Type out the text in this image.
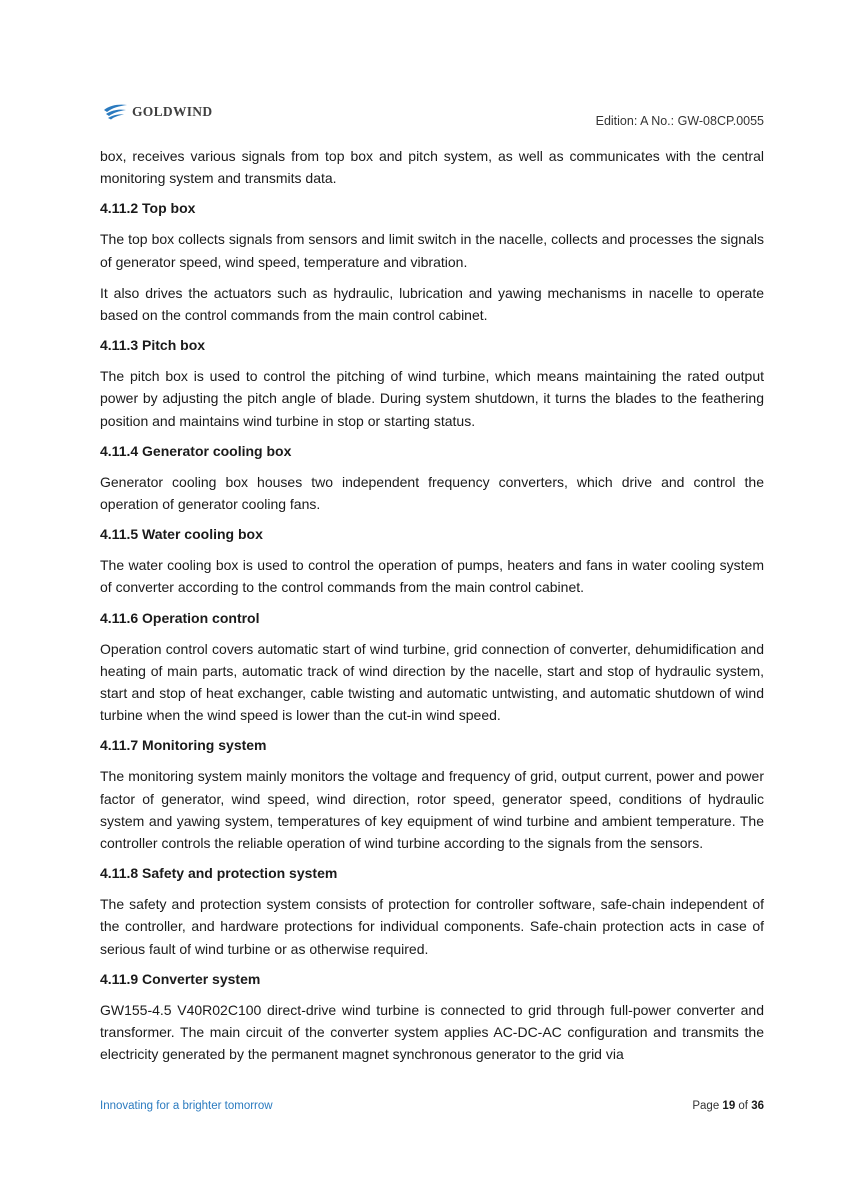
GOLDWIND
Edition: A No.: GW-08CP.0055

box, receives various signals from top box and pitch system, as well as communicates with the central monitoring system and transmits data.

4.11.2 Top box

The top box collects signals from sensors and limit switch in the nacelle, collects and processes the signals of generator speed, wind speed, temperature and vibration.

It also drives the actuators such as hydraulic, lubrication and yawing mechanisms in nacelle to operate based on the control commands from the main control cabinet.

4.11.3 Pitch box

The pitch box is used to control the pitching of wind turbine, which means maintaining the rated output power by adjusting the pitch angle of blade. During system shutdown, it turns the blades to the feathering position and maintains wind turbine in stop or starting status.

4.11.4 Generator cooling box

Generator cooling box houses two independent frequency converters, which drive and control the operation of generator cooling fans.

4.11.5 Water cooling box

The water cooling box is used to control the operation of pumps, heaters and fans in water cooling system of converter according to the control commands from the main control cabinet.

4.11.6 Operation control

Operation control covers automatic start of wind turbine, grid connection of converter, dehumidification and heating of main parts, automatic track of wind direction by the nacelle, start and stop of hydraulic system, start and stop of heat exchanger, cable twisting and automatic untwisting, and automatic shutdown of wind turbine when the wind speed is lower than the cut-in wind speed.

4.11.7 Monitoring system

The monitoring system mainly monitors the voltage and frequency of grid, output current, power and power factor of generator, wind speed, wind direction, rotor speed, generator speed, conditions of hydraulic system and yawing system, temperatures of key equipment of wind turbine and ambient temperature. The controller controls the reliable operation of wind turbine according to the signals from the sensors.

4.11.8 Safety and protection system

The safety and protection system consists of protection for controller software, safe-chain independent of the controller, and hardware protections for individual components. Safe-chain protection acts in case of serious fault of wind turbine or as otherwise required.

4.11.9 Converter system

GW155-4.5 V40R02C100 direct-drive wind turbine is connected to grid through full-power converter and transformer. The main circuit of the converter system applies AC-DC-AC configuration and transmits the electricity generated by the permanent magnet synchronous generator to the grid via

Innovating for a brighter tomorrow	Page 19 of 36
